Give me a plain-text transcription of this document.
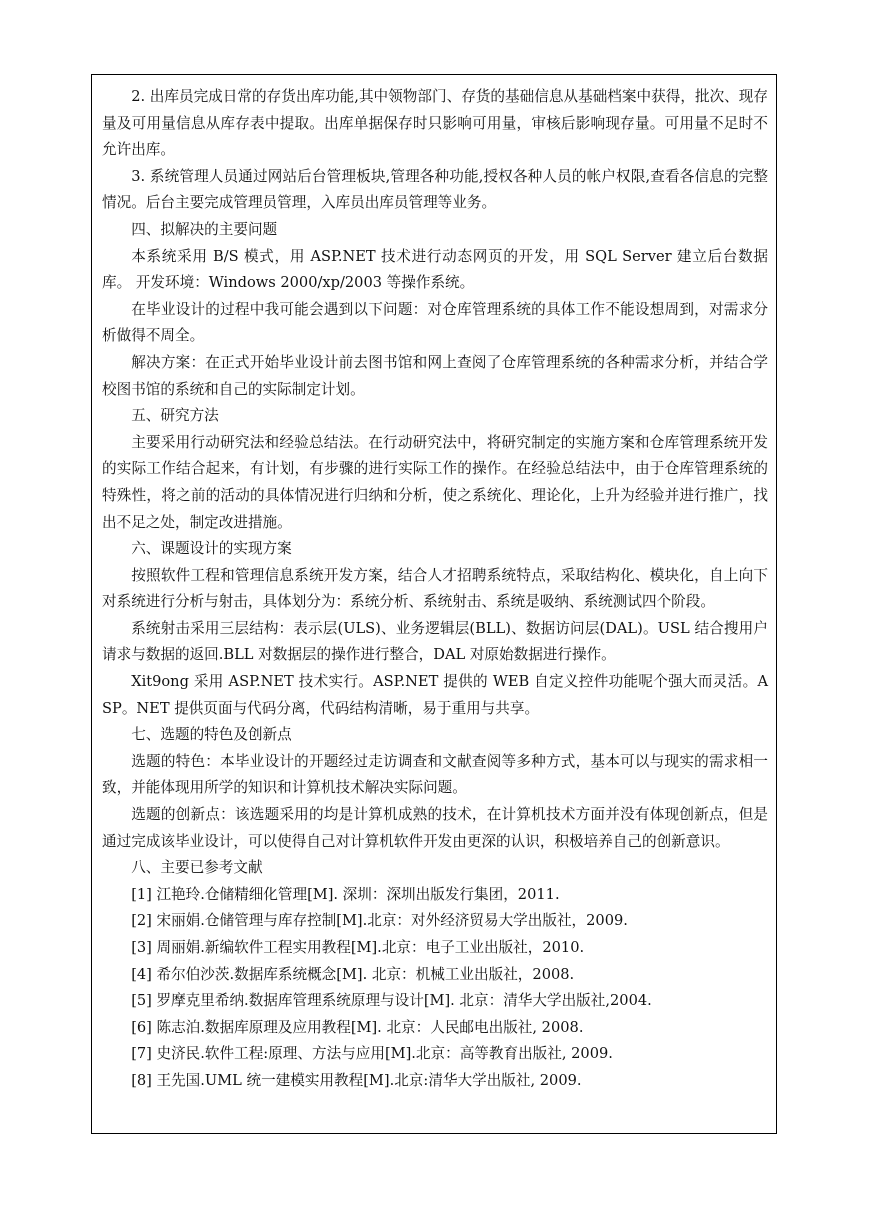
2. 出库员完成日常的存货出库功能,其中领物部门、存货的基础信息从基础档案中获得，批次、现存量及可用量信息从库存表中提取。出库单据保存时只影响可用量，审核后影响现存量。可用量不足时不允许出库。

3. 系统管理人员通过网站后台管理板块,管理各种功能,授权各种人员的帐户权限,查看各信息的完整情况。后台主要完成管理员管理，入库员出库员管理等业务。

四、拟解决的主要问题

本系统采用 B/S 模式，用 ASP.NET 技术进行动态网页的开发，用 SQL Server 建立后台数据库。 开发环境：Windows 2000/xp/2003 等操作系统。

在毕业设计的过程中我可能会遇到以下问题：对仓库管理系统的具体工作不能设想周到，对需求分析做得不周全。

解决方案：在正式开始毕业设计前去图书馆和网上查阅了仓库管理系统的各种需求分析，并结合学校图书馆的系统和自己的实际制定计划。

五、研究方法

主要采用行动研究法和经验总结法。在行动研究法中，将研究制定的实施方案和仓库管理系统开发的实际工作结合起来，有计划，有步骤的进行实际工作的操作。在经验总结法中，由于仓库管理系统的特殊性，将之前的活动的具体情况进行归纳和分析，使之系统化、理论化，上升为经验并进行推广，找出不足之处，制定改进措施。

六、课题设计的实现方案

按照软件工程和管理信息系统开发方案，结合人才招聘系统特点，采取结构化、模块化，自上向下对系统进行分析与射击，具体划分为：系统分析、系统射击、系统是吸纳、系统测试四个阶段。

系统射击采用三层结构：表示层(ULS)、业务逻辑层(BLL)、数据访问层(DAL)。USL 结合搜用户请求与数据的返回.BLL 对数据层的操作进行整合，DAL 对原始数据进行操作。

Xit9ong 采用 ASP.NET 技术实行。ASP.NET 提供的 WEB 自定义控件功能呢个强大而灵活。ASP。NET 提供页面与代码分离，代码结构清晰，易于重用与共享。

七、选题的特色及创新点

选题的特色：本毕业设计的开题经过走访调查和文献查阅等多种方式，基本可以与现实的需求相一致，并能体现用所学的知识和计算机技术解决实际问题。

选题的创新点：该选题采用的均是计算机成熟的技术，在计算机技术方面并没有体现创新点，但是通过完成该毕业设计，可以使得自己对计算机软件开发由更深的认识，积极培养自己的创新意识。

八、主要已参考文献

[1] 江艳玲.仓储精细化管理[M]. 深圳：深圳出版发行集团，2011.

[2] 宋丽娟.仓储管理与库存控制[M].北京：对外经济贸易大学出版社，2009.

[3] 周丽娟.新编软件工程实用教程[M].北京：电子工业出版社，2010.

[4] 希尔伯沙茨.数据库系统概念[M]. 北京：机械工业出版社，2008.

[5] 罗摩克里希纳.数据库管理系统原理与设计[M]. 北京：清华大学出版社,2004.

[6] 陈志泊.数据库原理及应用教程[M]. 北京：人民邮电出版社, 2008.

[7] 史济民.软件工程:原理、方法与应用[M].北京：高等教育出版社, 2009.

[8] 王先国.UML 统一建模实用教程[M].北京:清华大学出版社, 2009.
